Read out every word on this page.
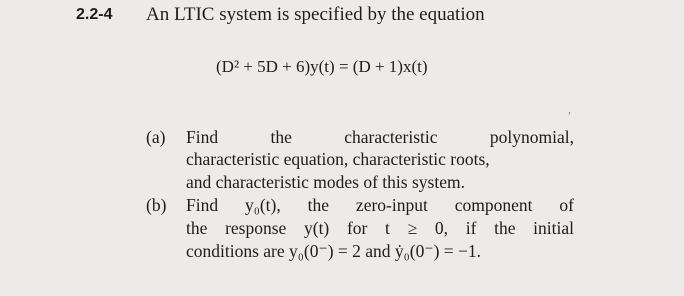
2.2-4 An LTIC system is specified by the equation
(D² + 5D + 6)y(t) = (D + 1)x(t)
,
(a) Find the characteristic polynomial,
characteristic equation, characteristic roots,
and characteristic modes of this system.
(b) Find y₀(t), the zero-input component of
the response y(t) for t ≥ 0, if the initial
conditions are y₀(0⁻) = 2 and ẏ₀(0⁻) = −1.
